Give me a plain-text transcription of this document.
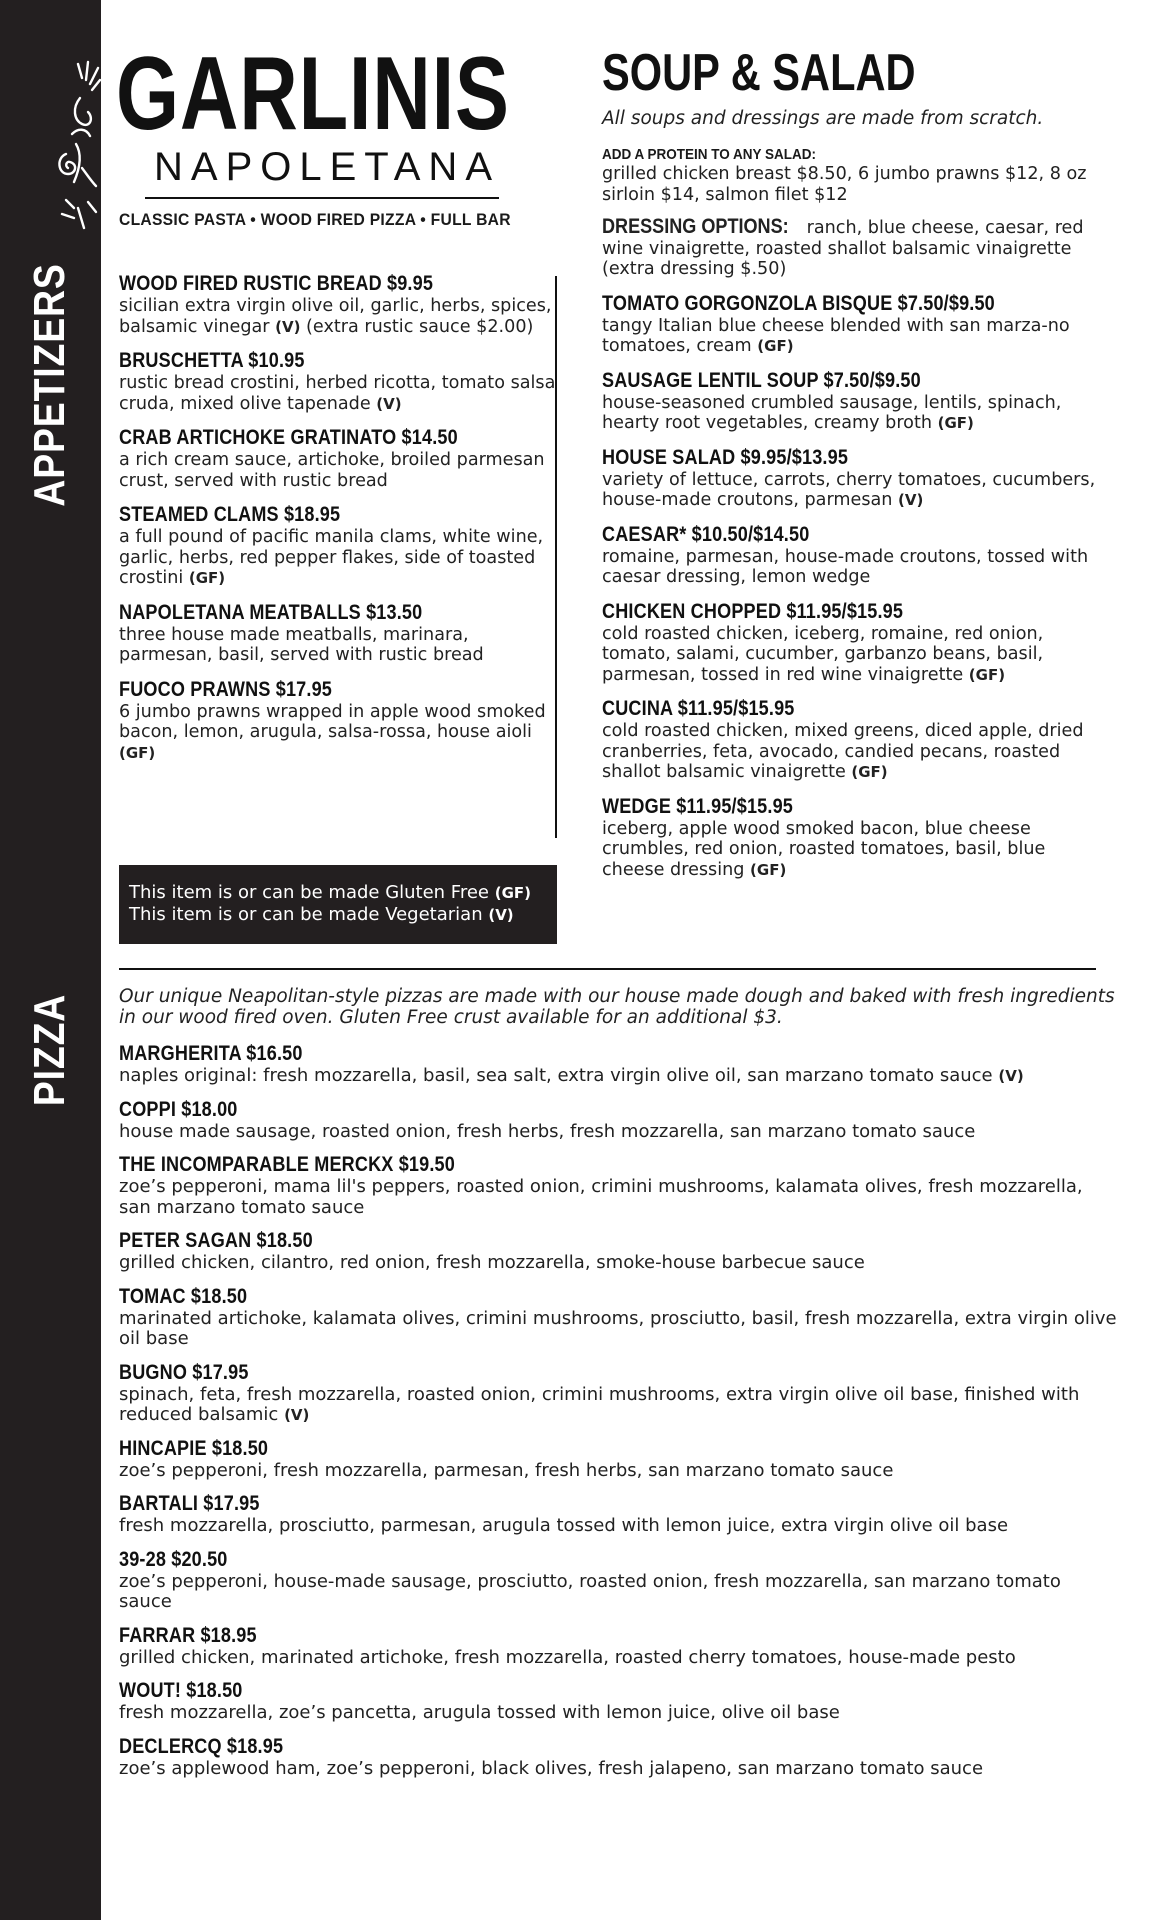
APPETIZERS
PIZZA
GARLINIS
NAPOLETANA
CLASSIC PASTA • WOOD FIRED PIZZA • FULL BAR
WOOD FIRED RUSTIC BREAD $9.95
sicilian extra virgin olive oil, garlic, herbs, spices, balsamic vinegar (V) (extra rustic sauce $2.00)
BRUSCHETTA $10.95
rustic bread crostini, herbed ricotta, tomato salsa cruda, mixed olive tapenade (V)
CRAB ARTICHOKE GRATINATO $14.50
a rich cream sauce, artichoke, broiled parmesan crust, served with rustic bread
STEAMED CLAMS $18.95
a full pound of pacific manila clams, white wine, garlic, herbs, red pepper flakes, side of toasted crostini (GF)
NAPOLETANA MEATBALLS $13.50
three house made meatballs, marinara, parmesan, basil, served with rustic bread
FUOCO PRAWNS $17.95
6 jumbo prawns wrapped in apple wood smoked bacon, lemon, arugula, salsa-rossa, house aioli (GF)
This item is or can be made Gluten Free (GF)
This item is or can be made Vegetarian (V)
SOUP & SALAD
All soups and dressings are made from scratch.
ADD A PROTEIN TO ANY SALAD:
grilled chicken breast $8.50, 6 jumbo prawns $12, 8 oz sirloin $14, salmon filet $12
DRESSING OPTIONS: ranch, blue cheese, caesar, red wine vinaigrette, roasted shallot balsamic vinaigrette (extra dressing $.50)
TOMATO GORGONZOLA BISQUE $7.50/$9.50
tangy Italian blue cheese blended with san marza-no tomatoes, cream (GF)
SAUSAGE LENTIL SOUP $7.50/$9.50
house-seasoned crumbled sausage, lentils, spinach, hearty root vegetables, creamy broth (GF)
HOUSE SALAD $9.95/$13.95
variety of lettuce, carrots, cherry tomatoes, cucumbers, house-made croutons, parmesan (V)
CAESAR* $10.50/$14.50
romaine, parmesan, house-made croutons, tossed with caesar dressing, lemon wedge
CHICKEN CHOPPED $11.95/$15.95
cold roasted chicken, iceberg, romaine, red onion, tomato, salami, cucumber, garbanzo beans, basil, parmesan, tossed in red wine vinaigrette (GF)
CUCINA $11.95/$15.95
cold roasted chicken, mixed greens, diced apple, dried cranberries, feta, avocado, candied pecans, roasted shallot balsamic vinaigrette (GF)
WEDGE $11.95/$15.95
iceberg, apple wood smoked bacon, blue cheese crumbles, red onion, roasted tomatoes, basil, blue cheese dressing (GF)
Our unique Neapolitan-style pizzas are made with our house made dough and baked with fresh ingredients in our wood fired oven. Gluten Free crust available for an additional $3.
MARGHERITA $16.50
naples original: fresh mozzarella, basil, sea salt, extra virgin olive oil, san marzano tomato sauce (V)
COPPI $18.00
house made sausage, roasted onion, fresh herbs, fresh mozzarella, san marzano tomato sauce
THE INCOMPARABLE MERCKX $19.50
zoe’s pepperoni, mama lil's peppers, roasted onion, crimini mushrooms, kalamata olives, fresh mozzarella, san marzano tomato sauce
PETER SAGAN $18.50
grilled chicken, cilantro, red onion, fresh mozzarella, smoke-house barbecue sauce
TOMAC $18.50
marinated artichoke, kalamata olives, crimini mushrooms, prosciutto, basil, fresh mozzarella, extra virgin olive oil base
BUGNO $17.95
spinach, feta, fresh mozzarella, roasted onion, crimini mushrooms, extra virgin olive oil base, finished with reduced balsamic (V)
HINCAPIE $18.50
zoe’s pepperoni, fresh mozzarella, parmesan, fresh herbs, san marzano tomato sauce
BARTALI $17.95
fresh mozzarella, prosciutto, parmesan, arugula tossed with lemon juice, extra virgin olive oil base
39-28 $20.50
zoe’s pepperoni, house-made sausage, prosciutto, roasted onion, fresh mozzarella, san marzano tomato sauce
FARRAR $18.95
grilled chicken, marinated artichoke, fresh mozzarella, roasted cherry tomatoes, house-made pesto
WOUT! $18.50
fresh mozzarella, zoe’s pancetta, arugula tossed with lemon juice, olive oil base
DECLERCQ $18.95
zoe’s applewood ham, zoe’s pepperoni, black olives, fresh jalapeno, san marzano tomato sauce
